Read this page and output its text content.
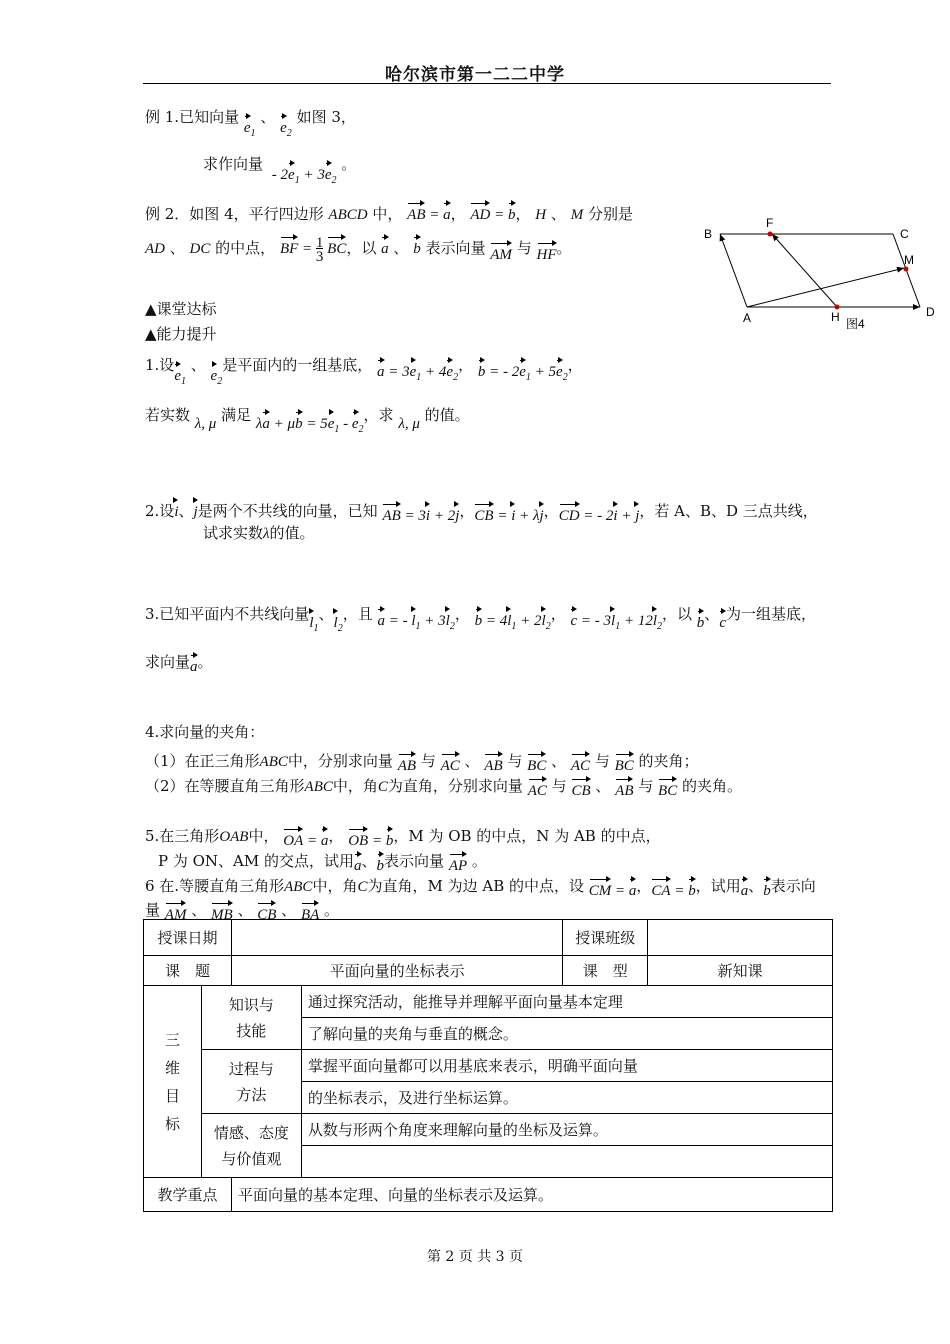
哈尔滨市第一二二中学
例 1.已知向量 $e_1$ 、 $e_2$ 如图 3，
求作向量 - $2e_1 + 3e_2$ 。
例 2．如图 4，平行四边形 ABCD 中， AB = a， AD = b， H 、 M 分别是
AD 、 DC 的中点， BF = 1
3 BC，以 a 、 b 表示向量 AM 与 HF。
A
B	C
D
F
H
M
图4
▲课堂达标
▲能力提升
1.设$e_1$ 、 $e_2$是平面内的一组基底， $a = 3e_1 + 4e_2$， b = - $2e_1 + 5e_2$，
若实数 λ, μ 满足 $\lambda a + \mu b = 5e_1 - e_2$，求 λ, μ 的值。
2.设i、j是两个不共线的向量，已知 AB = 3i + 2j，CB = i + λj，CD = - 2i + j，若 A、B、D 三点共线，
试求实数λ的值。
3.已知平面内不共线向量$l_1$、$l_2$，且 a = - $l_1 + 3l_2$， $b = 4l_1 + 2l_2$， c = - $3l_1 + 12l_2$，以 b、c为一组基底，
求向量a。
4.求向量的夹角：
（1）在正三角形ABC中，分别求向量 AB 与 AC 、 AB 与 BC 、 AC 与 BC 的夹角；
（2）在等腰直角三角形ABC中，角C为直角，分别求向量 AC 与 CB 、 AB 与 BC 的夹角。
5.在三角形OAB中， OA = a， OB = b，M 为 OB 的中点，N 为 AB 的中点，
P 为 ON、AM 的交点，试用a、b表示向量 AP 。
6 在.等腰直角三角形ABC中，角C为直角，M 为边 AB 的中点，设 CM = a，CA = b，试用a、b表示向
量 AM 、 MB 、 CB 、 BA 。
授课日期				授课班级	
课　题		平面向量的坐标表示		课　型	新知课
三
维
目
标	知识与
技能		通过探究活动，能推导并理解平面向量基本定理		
			了解向量的夹角与垂直的概念。		
	过程与
方法		掌握平面向量都可以用基底来表示，明确平面向量		
			的坐标表示，及进行坐标运算。		
	情感、态度
与价值观		从数与形两个角度来理解向量的坐标及运算。		

教学重点		平面向量的基本定理、向量的坐标表示及运算。			
第 2 页 共 3 页
